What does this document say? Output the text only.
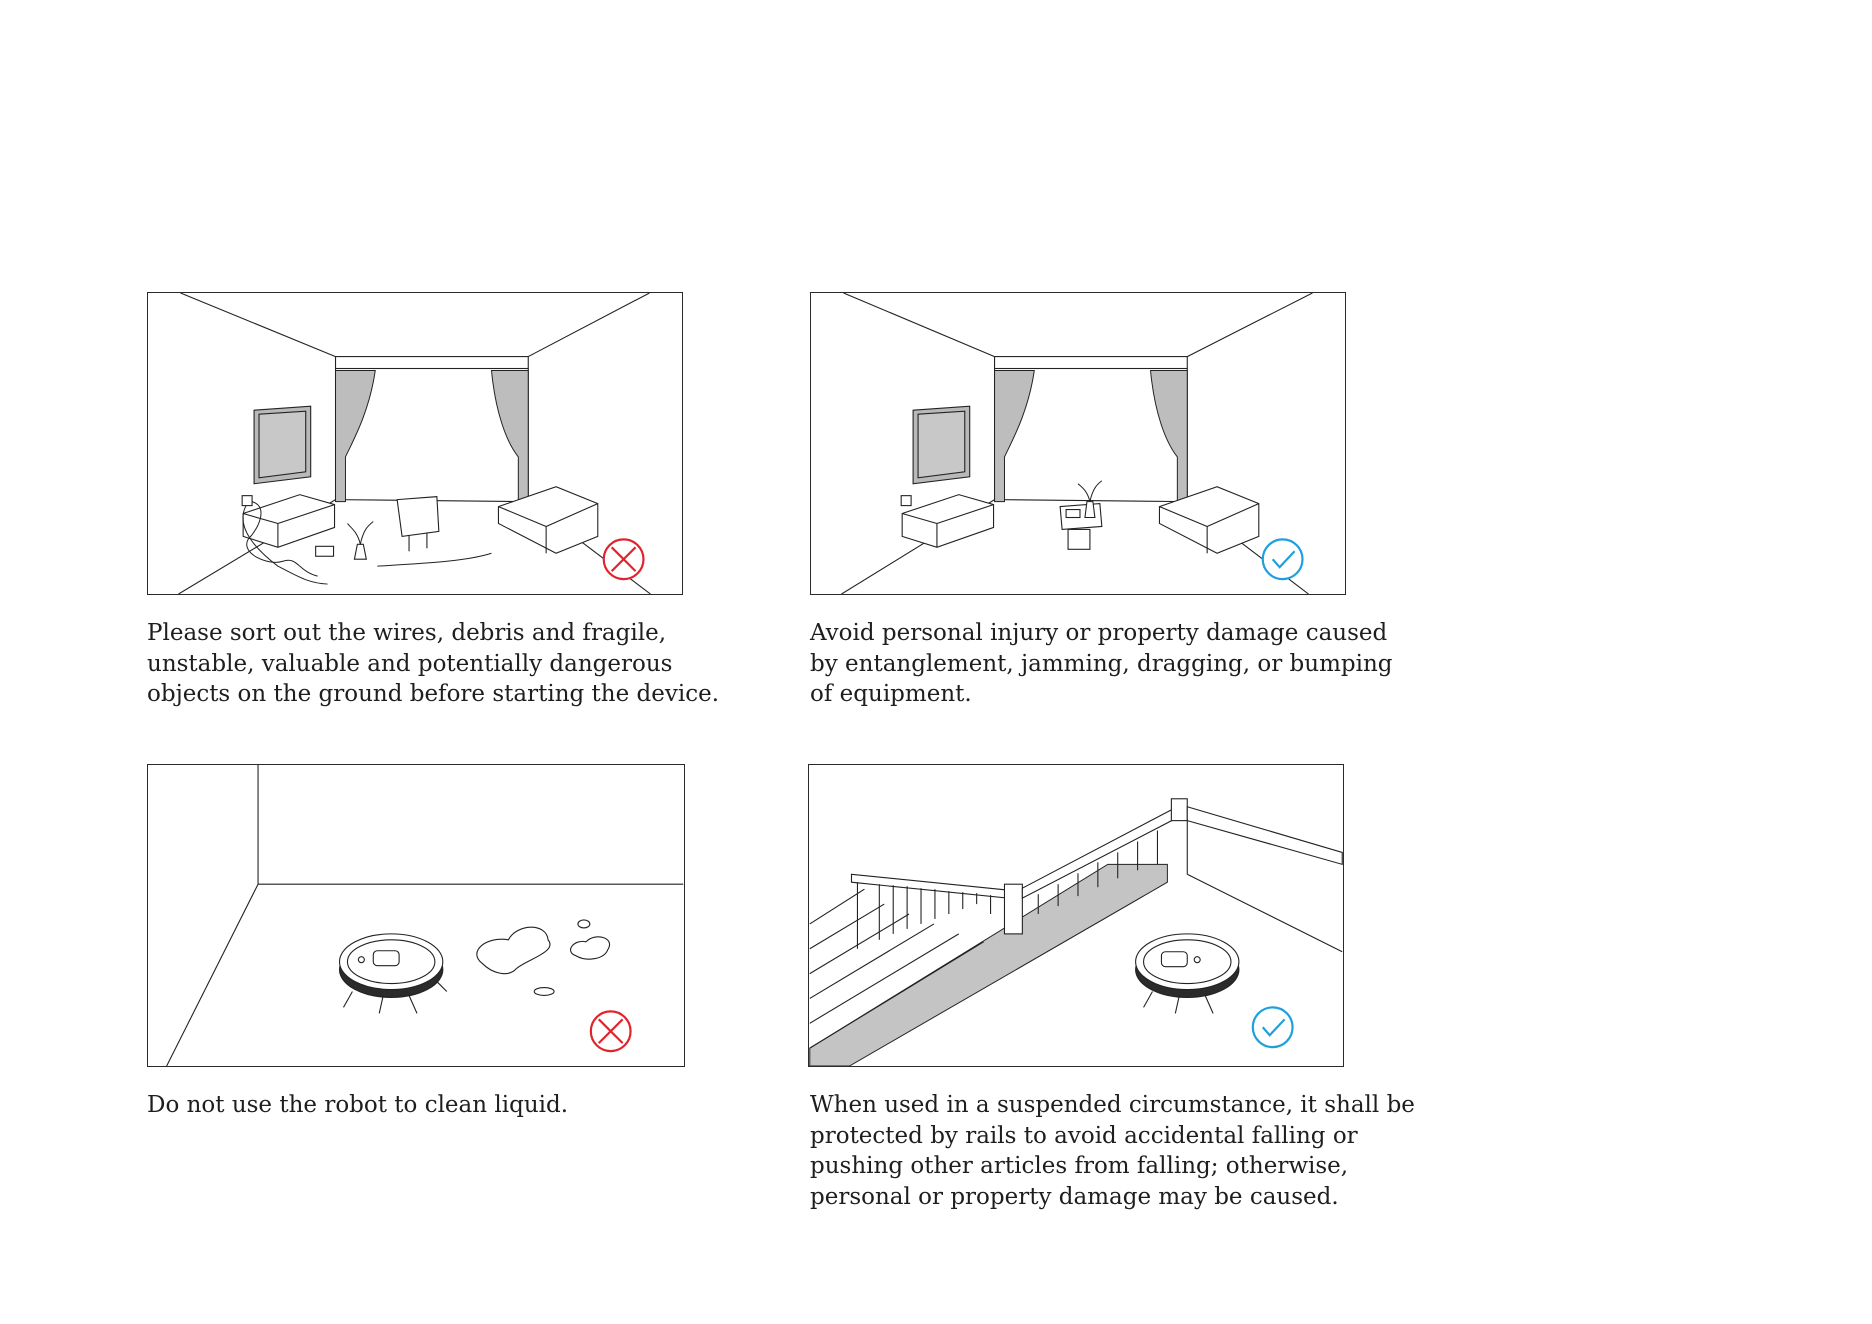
Please sort out the wires, debris and fragile,
unstable, valuable and potentially dangerous
objects on the ground before starting the device.
Avoid personal injury or property damage caused
by entanglement, jamming, dragging, or bumping
of equipment.
Do not use the robot to clean liquid.	When used in a suspended circumstance, it shall be
protected by rails to avoid accidental falling or
pushing other articles from falling; otherwise,
personal or property damage may be caused.
